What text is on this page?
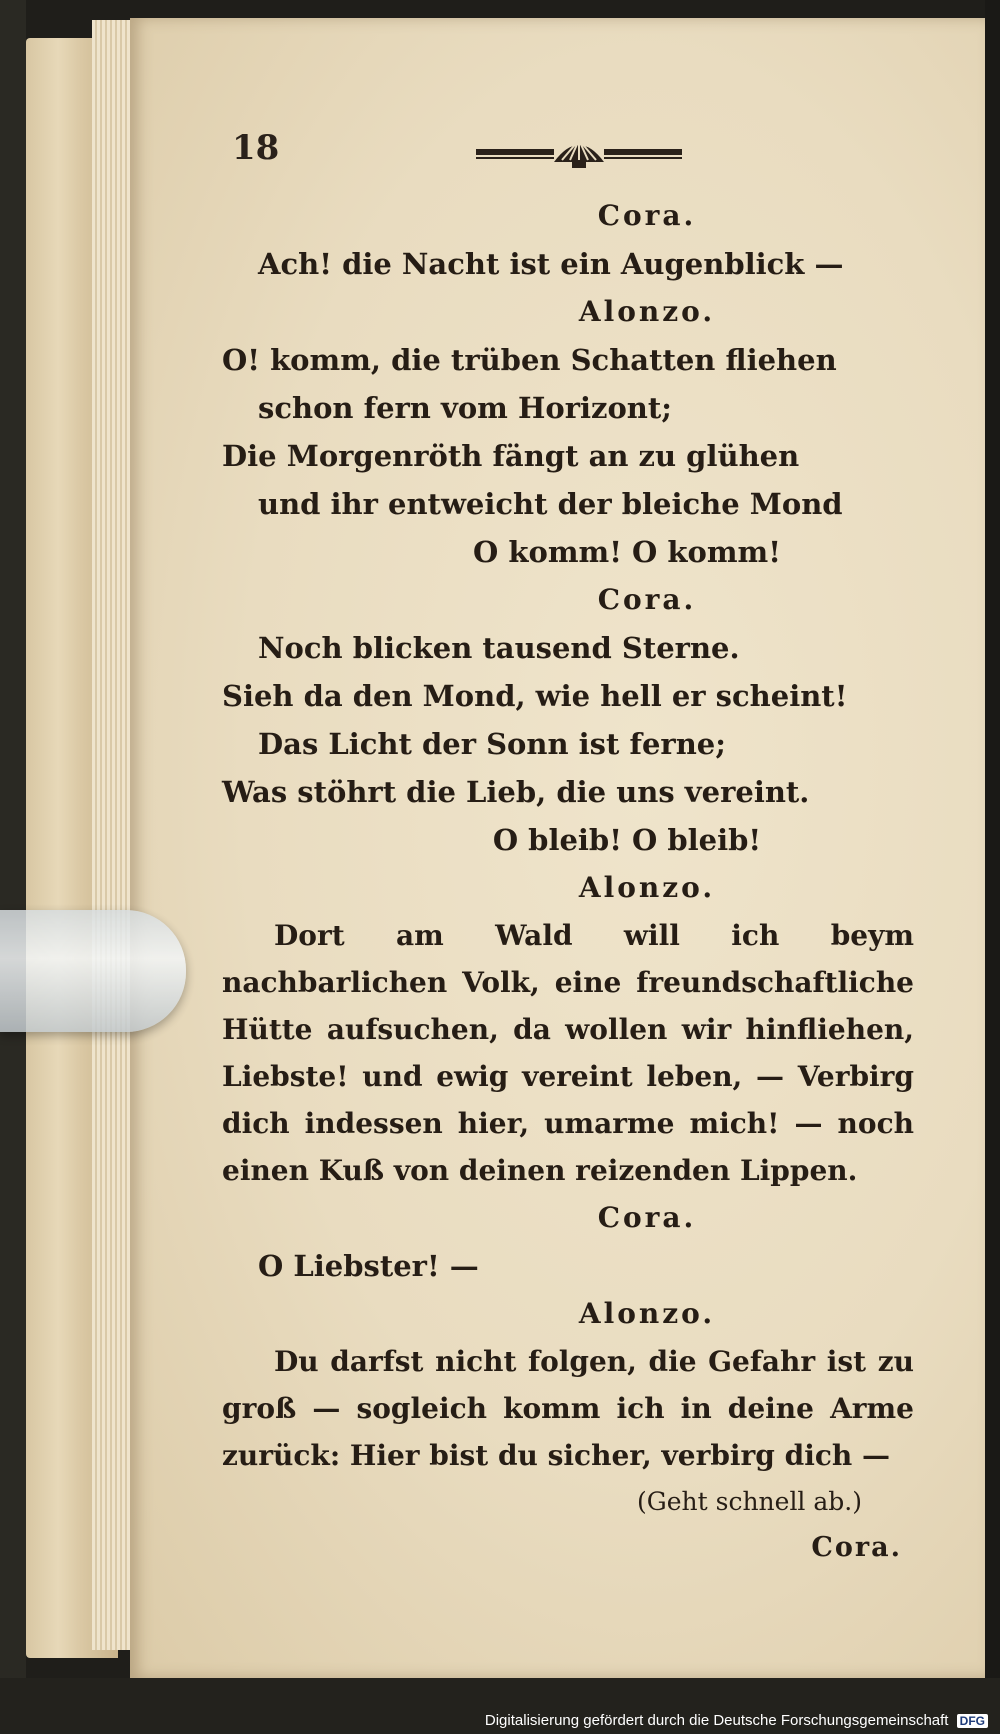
18
Cora.
Ach! die Nacht ist ein Augenblick —
Alonzo.
O! komm, die trüben Schatten fliehen
schon fern vom Horizont;
Die Morgenröth fängt an zu glühen
und ihr entweicht der bleiche Mond
O komm! O komm!
Cora.
Noch blicken tausend Sterne.
Sieh da den Mond, wie hell er scheint!
Das Licht der Sonn ist ferne;
Was stöhrt die Lieb, die uns vereint.
O bleib! O bleib!
Alonzo.
Dort am Wald will ich beym nachbarlichen Volk, eine freundschaftliche Hütte aufsuchen, da wollen wir hinfliehen, Liebste! und ewig vereint leben, — Verbirg dich indessen hier, umarme mich! — noch einen Kuß von deinen reizenden Lippen.
Cora.
O Liebster! —
Alonzo.
Du darfst nicht folgen, die Gefahr ist zu groß — sogleich komm ich in deine Arme zurück: Hier bist du sicher, verbirg dich —
(Geht schnell ab.)
Cora.
Digitalisierung gefördert durch die Deutsche Forschungsgemeinschaft DFG
